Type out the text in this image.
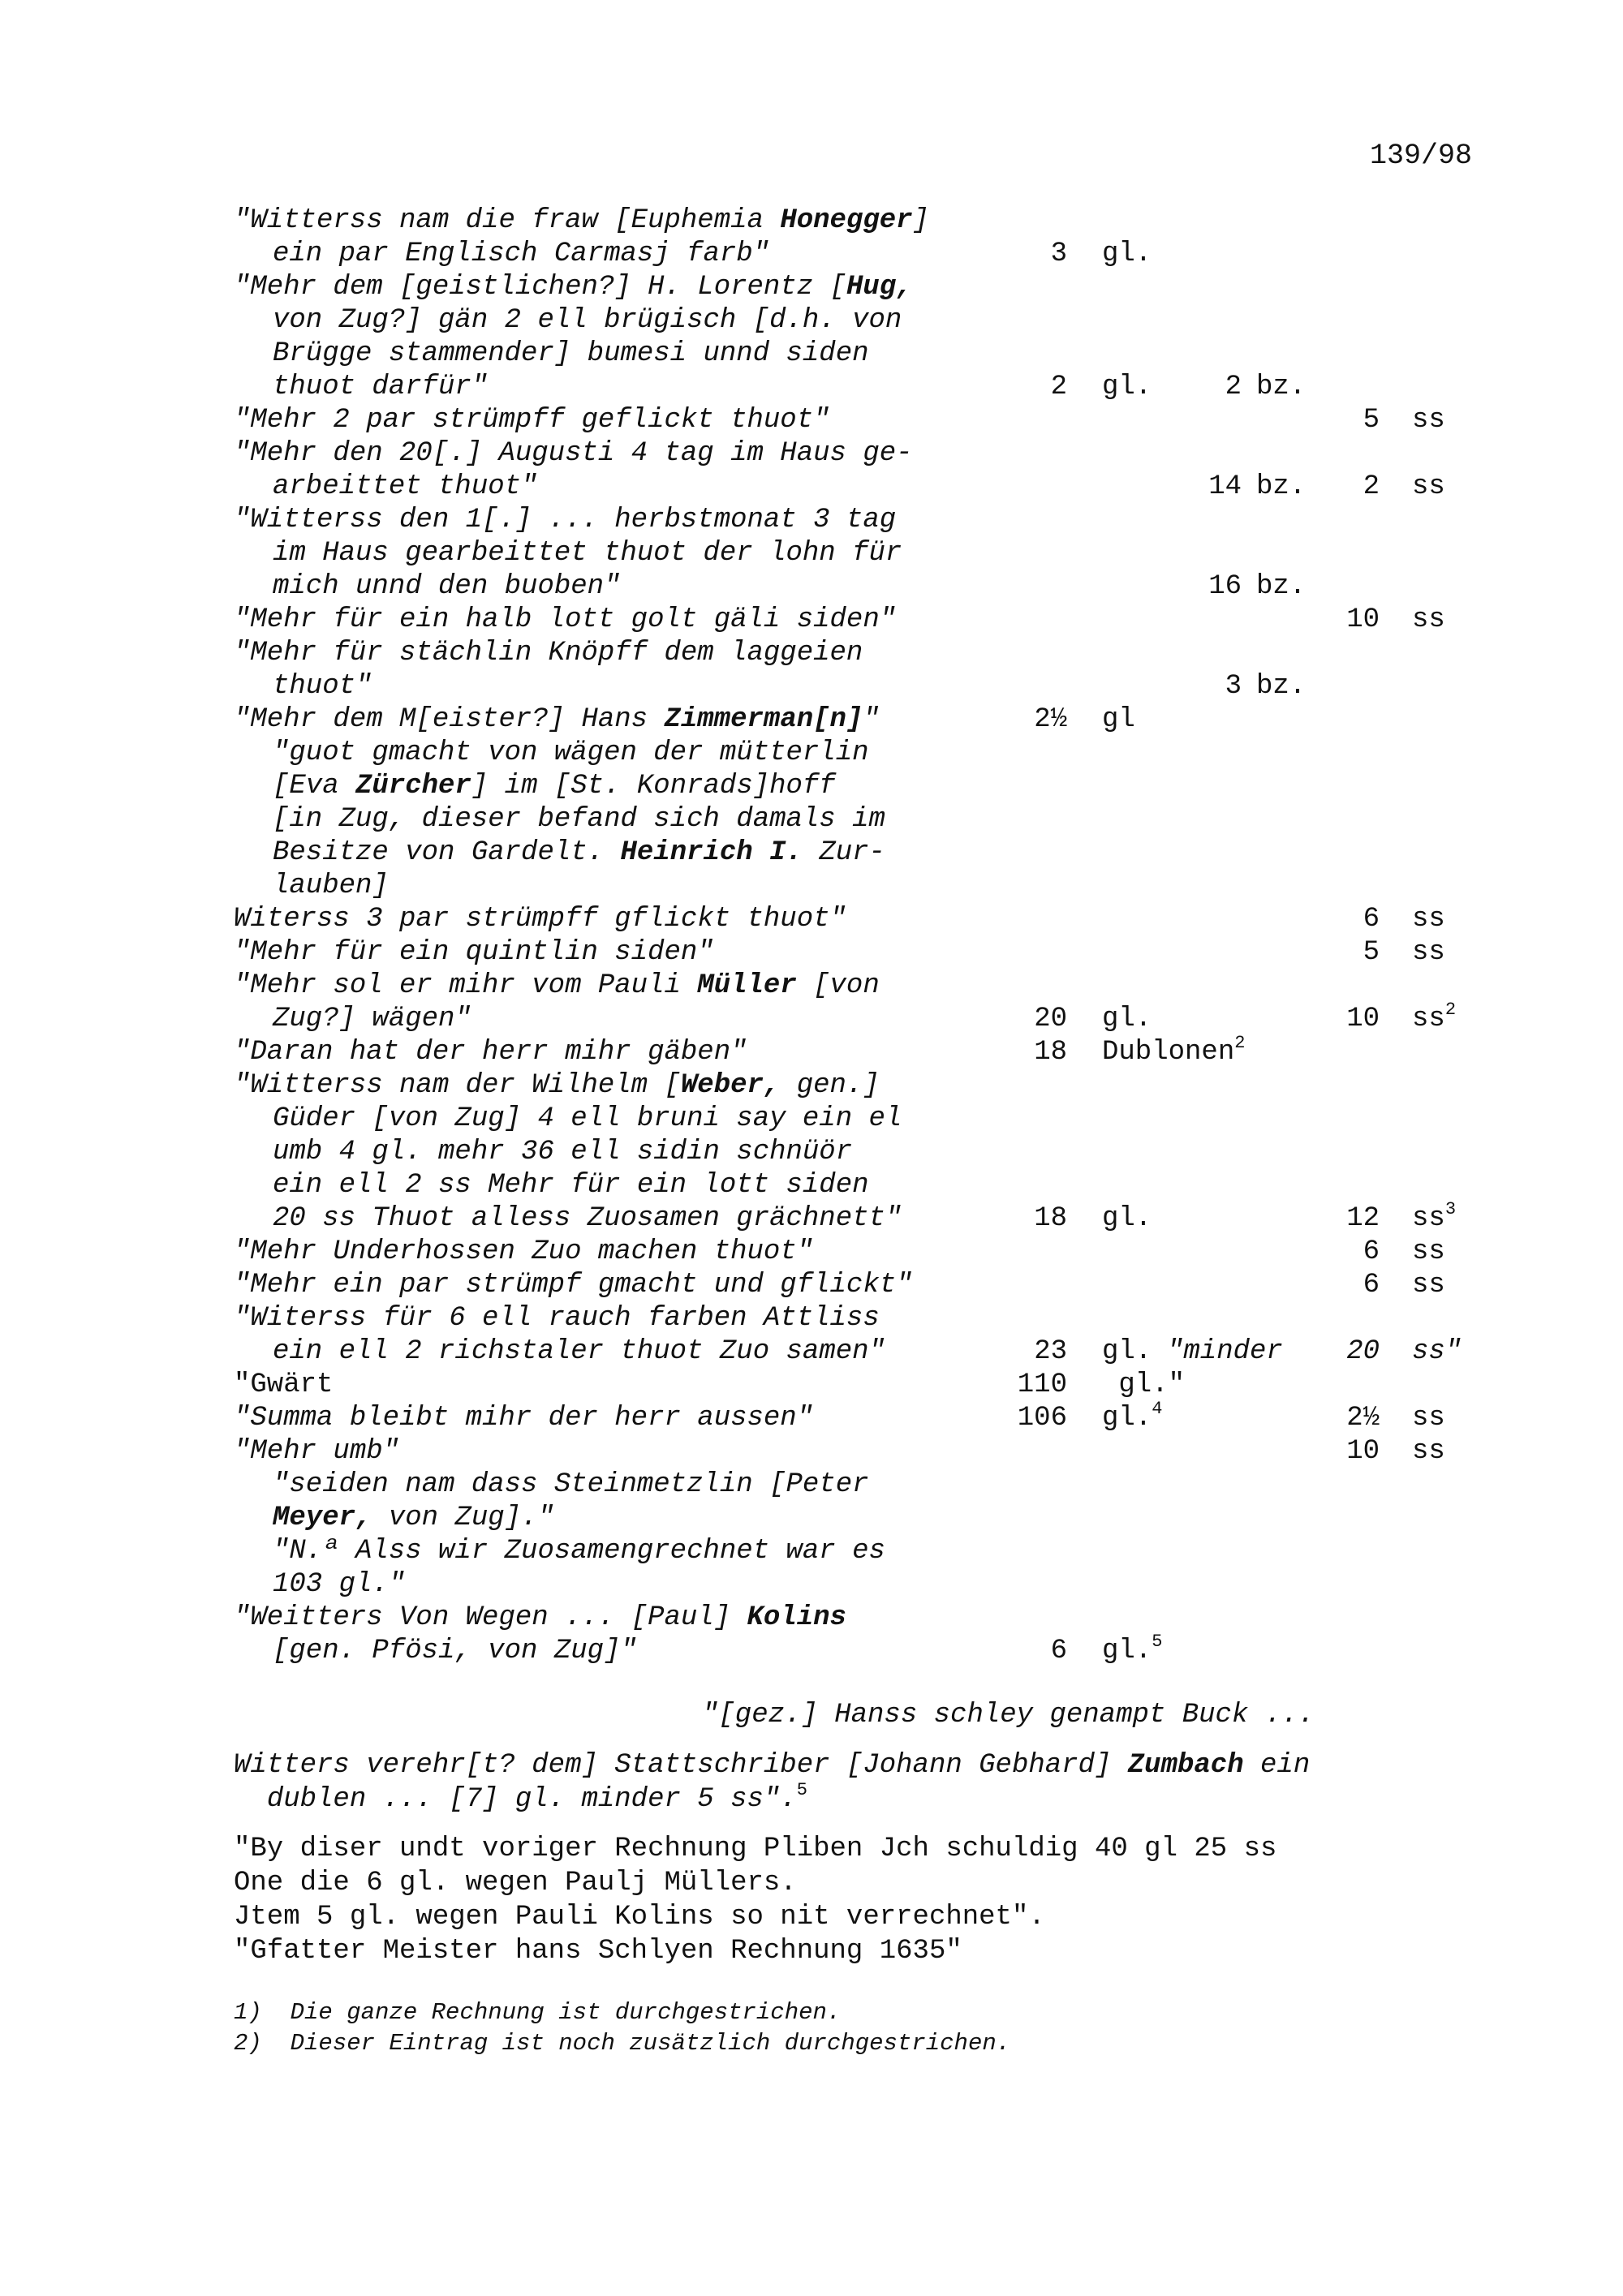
139/98
"Witterss nam die fraw [Euphemia Honegger]
ein par Englisch Carmasj farb"	3 gl.
"Mehr dem [geistlichen?] H. Lorentz [Hug,
von Zug?] gän 2 ell brügisch [d.h. von
Brügge stammender] bumesi unnd siden
thuot darfür"	2 gl.	2 bz.
"Mehr 2 par strümpff geflickt thuot"	5 ss
"Mehr den 20[.] Augusti 4 tag im Haus ge-
arbeittet thuot"	14 bz.	2 ss
"Witterss den 1[.] ... herbstmonat 3 tag
im Haus gearbeittet thuot der lohn für
mich unnd den buoben"	16 bz.
"Mehr für ein halb lott golt gäli siden"	10 ss
"Mehr für stächlin Knöpff dem laggeien
thuot"	3 bz.
"Mehr dem M[eister?] Hans Zimmerman[n]"	2½ gl
"guot gmacht von wägen der mütterlin
[Eva Zürcher] im [St. Konrads]hoff
[in Zug, dieser befand sich damals im
Besitze von Gardelt. Heinrich I. Zur-
lauben]
Witerss 3 par strümpff gflickt thuot"	6 ss
"Mehr für ein quintlin siden"	5 ss
"Mehr sol er mihr vom Pauli Müller [von
Zug?] wägen"	20 gl.	10 $ss^2$
"Daran hat der herr mihr gäben"	18 Dublonen$^2$
"Witterss nam der Wilhelm [Weber, gen.]
Güder [von Zug] 4 ell bruni say ein el
umb 4 gl. mehr 36 ell sidin schnüör
ein ell 2 ss Mehr für ein lott siden
20 ss Thuot alless Zuosamen grächnett"	18 gl.	12 $ss^3$
"Mehr Underhossen Zuo machen thuot"	6 ss
"Mehr ein par strümpf gmacht und gflickt"	6 ss
"Witerss für 6 ell rauch farben Attliss
ein ell 2 richstaler thuot Zuo samen"	23 gl. "minder	20 ss"
"Gwärt	110 gl."
"Summa bleibt mihr der herr aussen"	106 gl.$^4$	2½ ss
"Mehr umb"	10 ss
"seiden nam dass Steinmetzlin [Peter
Meyer, von Zug]."
"N.ª Alss wir Zuosamengrechnet war es
103 gl."
"Weitters Von Wegen ... [Paul] Kolins
[gen. Pfösi, von Zug]"	6 gl.$^5$
"[gez.] Hanss schley genampt Buck ...
Witters verehr[t? dem] Stattschriber [Johann Gebhard] Zumbach ein
dublen ... [7] gl. minder 5 ss".$^5$
"By diser undt voriger Rechnung Pliben Jch schuldig 40 gl 25 ss
One die 6 gl. wegen Paulj Müllers.
Jtem 5 gl. wegen Pauli Kolins so nit verrechnet".
"Gfatter Meister hans Schlyen Rechnung 1635"
1)  Die ganze Rechnung ist durchgestrichen.
2)  Dieser Eintrag ist noch zusätzlich durchgestrichen.
